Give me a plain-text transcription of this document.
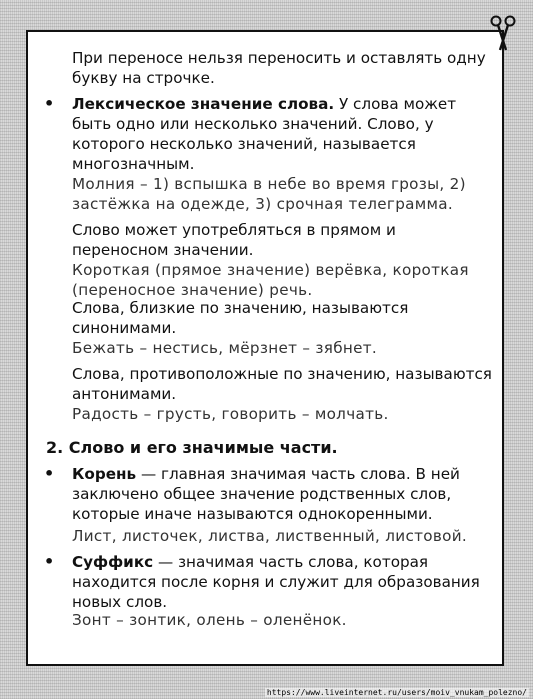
При переносе нельзя переносить и оставлять одну букву на строчке.

• Лексическое значение слова. У слова может быть одно или несколько значений. Слово, у которого несколько значений, называется многозначным.

Молния – 1) вспышка в небе во время грозы, 2) застёжка на одежде, 3) срочная телеграмма.

Слово может употребляться в прямом и переносном значении.

Короткая (прямое значение) верёвка, короткая (переносное значение) речь.

Слова, близкие по значению, называются синонимами.

Бежать – нестись, мёрзнет – зябнет.

Слова, противоположные по значению, называются антонимами.

Радость – грусть, говорить – молчать.

2. Слово и его значимые части.

• Корень — главная значимая часть слова. В ней заключено общее значение родственных слов, которые иначе называются однокоренными.

Лист, листочек, листва, лиственный, листовой.

• Суффикс — значимая часть слова, которая находится после корня и служит для образования новых слов.

Зонт – зонтик, олень – оленёнок.

https://www.liveinternet.ru/users/moiv_vnukam_polezno/
